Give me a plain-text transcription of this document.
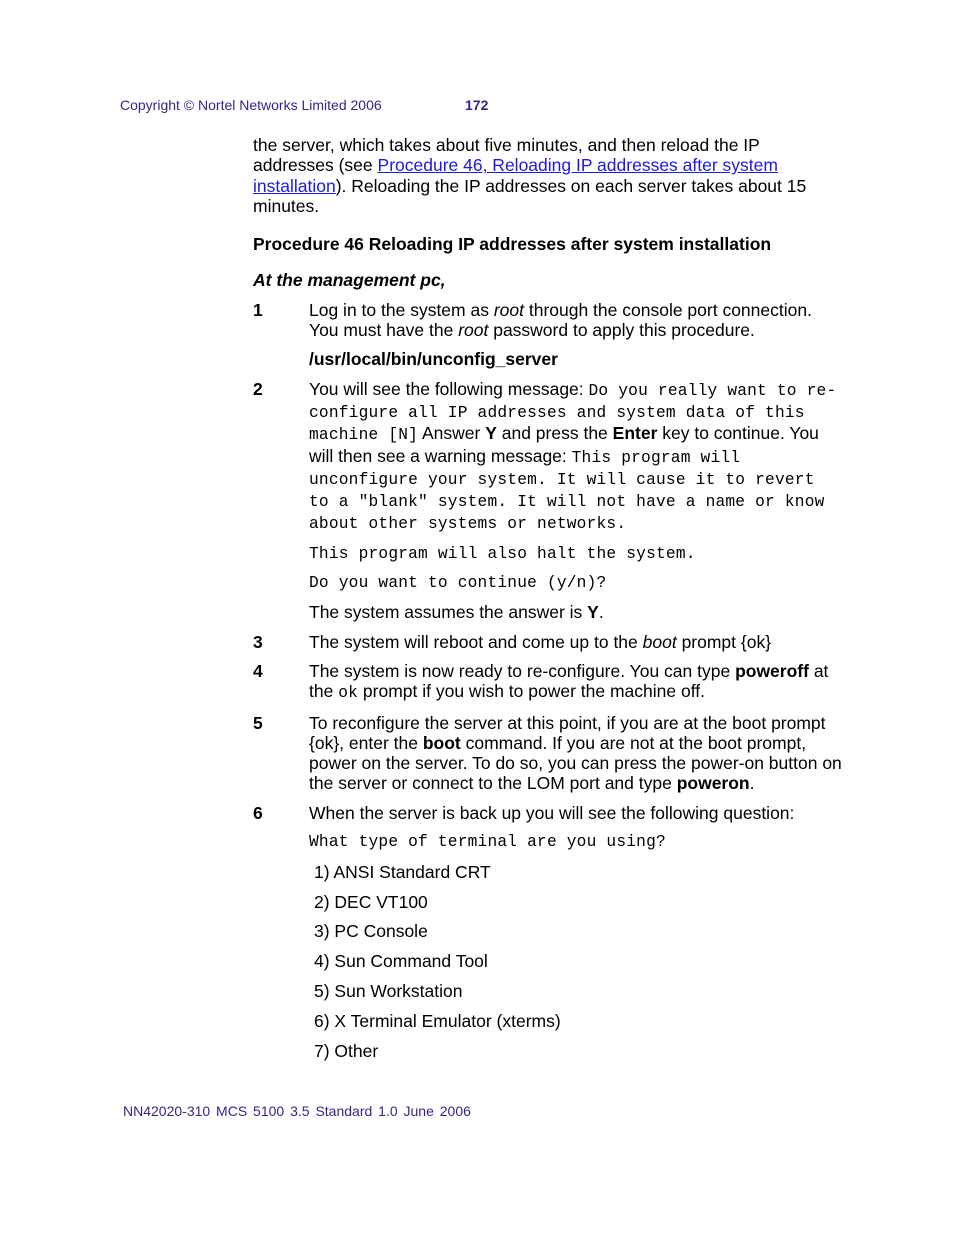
Copyright © Nortel Networks Limited 2006	172

the server, which takes about five minutes, and then reload the IP addresses (see Procedure 46, Reloading IP addresses after system installation). Reloading the IP addresses on each server takes about 15 minutes.

Procedure 46 Reloading IP addresses after system installation

At the management pc,

1	Log in to the system as root through the console port connection. You must have the root password to apply this procedure.

/usr/local/bin/unconfig_server

2	You will see the following message: Do you really want to re-configure all IP addresses and system data of this machine [N] Answer Y and press the Enter key to continue. You will then see a warning message: This program will unconfigure your system. It will cause it to revert to a "blank" system. It will not have a name or know about other systems or networks.

This program will also halt the system.

Do you want to continue (y/n)?

The system assumes the answer is Y.

3	The system will reboot and come up to the boot prompt {ok}
4	The system is now ready to re-configure. You can type poweroff at the ok prompt if you wish to power the machine off.
5	To reconfigure the server at this point, if you are at the boot prompt {ok}, enter the boot command. If you are not at the boot prompt, power on the server. To do so, you can press the power-on button on the server or connect to the LOM port and type poweron.
6	When the server is back up you will see the following question:

What type of terminal are you using?

1) ANSI Standard CRT

2) DEC VT100

3) PC Console

4) Sun Command Tool

5) Sun Workstation

6) X Terminal Emulator (xterms)

7) Other

NN42020-310 MCS 5100 3.5 Standard 1.0 June 2006
